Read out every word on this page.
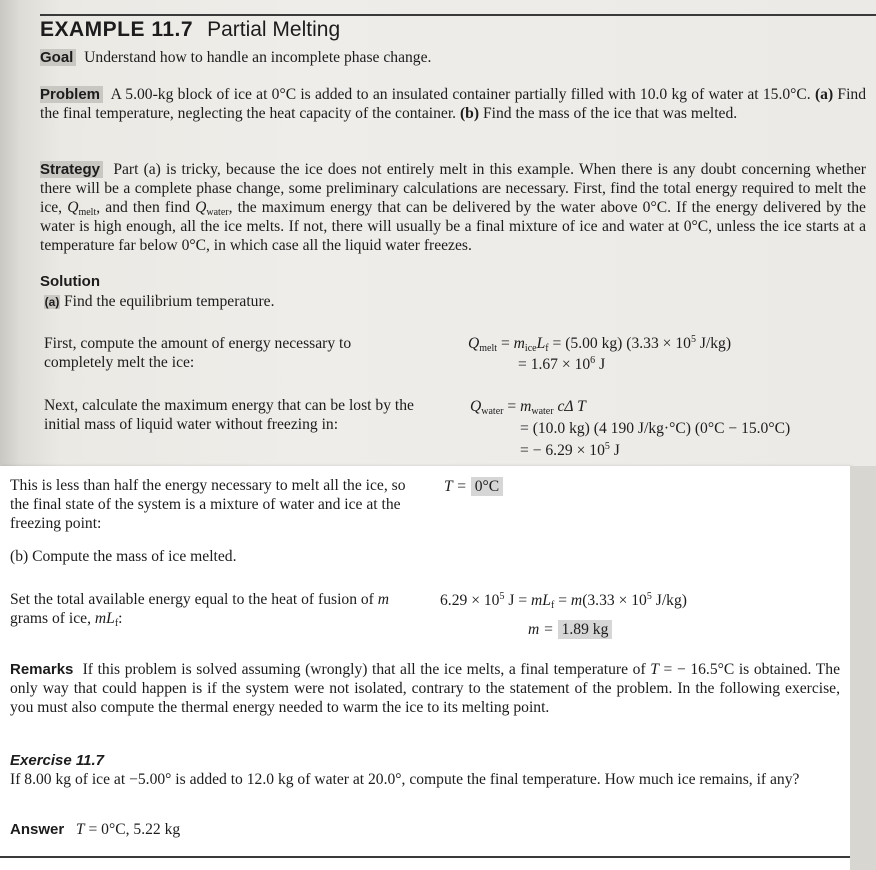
EXAMPLE 11.7 Partial Melting
Goal Understand how to handle an incomplete phase change.
Problem A 5.00-kg block of ice at 0°C is added to an insulated container partially filled with 10.0 kg of water at 15.0°C. (a) Find the final temperature, neglecting the heat capacity of the container. (b) Find the mass of the ice that was melted.
Strategy Part (a) is tricky, because the ice does not entirely melt in this example. When there is any doubt concerning whether there will be a complete phase change, some preliminary calculations are necessary. First, find the total energy required to melt the ice, $Q_{melt}$, and then find $Q_{water}$, the maximum energy that can be delivered by the water above 0°C. If the energy delivered by the water is high enough, all the ice melts. If not, there will usually be a final mixture of ice and water at 0°C, unless the ice starts at a temperature far below 0°C, in which case all the liquid water freezes.
Solution
(a) Find the equilibrium temperature.
First, compute the amount of energy necessary to completely melt the ice:
$Q_{melt} = m_{ice}L_f = (5.00$ kg) ($3.33 \times 10^5$ J/kg)
= $1.67 \times 10^6$ J
Next, calculate the maximum energy that can be lost by the initial mass of liquid water without freezing in:
$Q_{water} = m_{water}$ cΔ T
= (10.0 kg) (4 190 J/kg·°C) (0°C − 15.0°C)
= − $6.29 \times 10^5$ J
This is less than half the energy necessary to melt all the ice, so the final state of the system is a mixture of water and ice at the freezing point:
T = 0°C
(b) Compute the mass of ice melted.
Set the total available energy equal to the heat of fusion of m grams of ice, $mL_f$:
$6.29 \times 10^5$ $J = mL_f = m(3.33 \times 10^5$ J/kg)
m = 1.89 kg
Remarks If this problem is solved assuming (wrongly) that all the ice melts, a final temperature of T = − 16.5°C is obtained. The only way that could happen is if the system were not isolated, contrary to the statement of the problem. In the following exercise, you must also compute the thermal energy needed to warm the ice to its melting point.
Exercise 11.7
If 8.00 kg of ice at −5.00° is added to 12.0 kg of water at 20.0°, compute the final temperature. How much ice remains, if any?
Answer T = 0°C, 5.22 kg
